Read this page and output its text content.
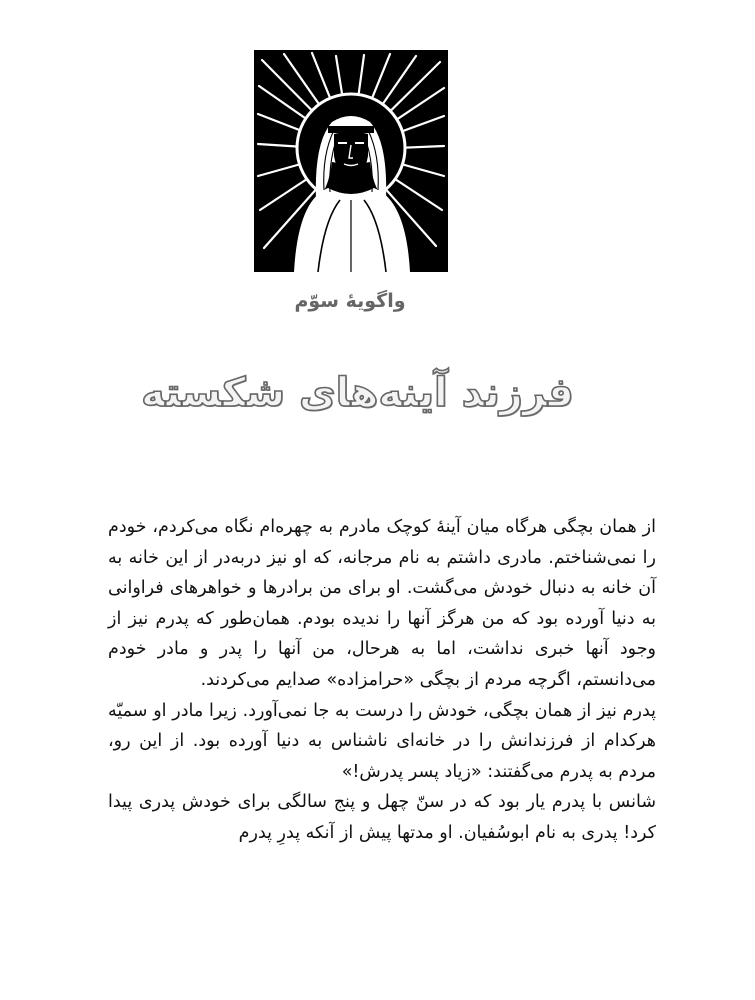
واگویهٔ سوّم
فرزند آینه‌های شکسته

از همان بچگی هرگاه میان آینهٔ کوچک مادرم به چهره‌ام نگاه می‌کردم، خودم را نمی‌شناختم. مادری داشتم به نام مرجانه، که او نیز دربه‌در از این خانه به آن خانه به دنبال خودش می‌گشت. او برای من برادرها و خواهرهای فراوانی به دنیا آورده بود که من هرگز آنها را ندیده بودم. همان‌طور که پدرم نیز از وجود آنها خبری نداشت، اما به هرحال، من آنها را پدر و مادر خودم می‌دانستم، اگرچه مردم از بچگی «حرامزاده» صدایم می‌کردند.

پدرم نیز از همان بچگی، خودش را درست به جا نمی‌آورد. زیرا مادر او سمیّه هرکدام از فرزندانش را در خانه‌ای ناشناس به دنیا آورده بود. از این رو، مردم به پدرم می‌گفتند: «زیاد پسر پدرش!»

شانس با پدرم یار بود که در سنّ چهل و پنج سالگی برای خودش پدری پیدا کرد! پدری به نام ابوسُفیان. او مدتها پیش از آنکه پدرِ پدرم
